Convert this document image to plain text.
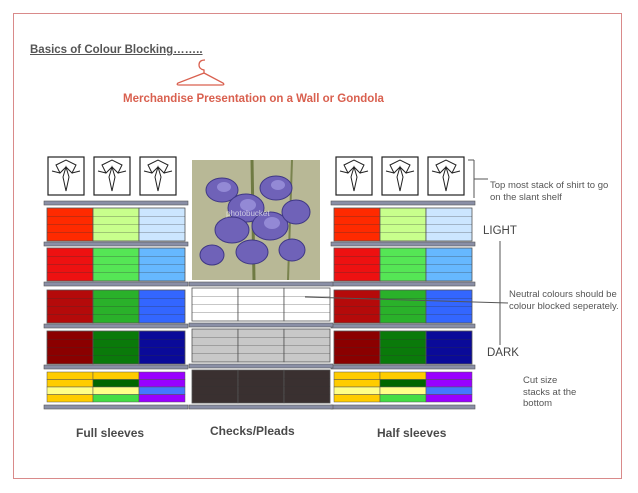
Basics of Colour Blocking……..
Merchandise Presentation on a Wall or Gondola
photobucket
Full sleeves	Checks/Pleads	Half sleeves
Top most stack of shirt to go on the slant shelf
LIGHT
Neutral colours should be colour blocked seperately.
DARK
Cut size stacks at the bottom
